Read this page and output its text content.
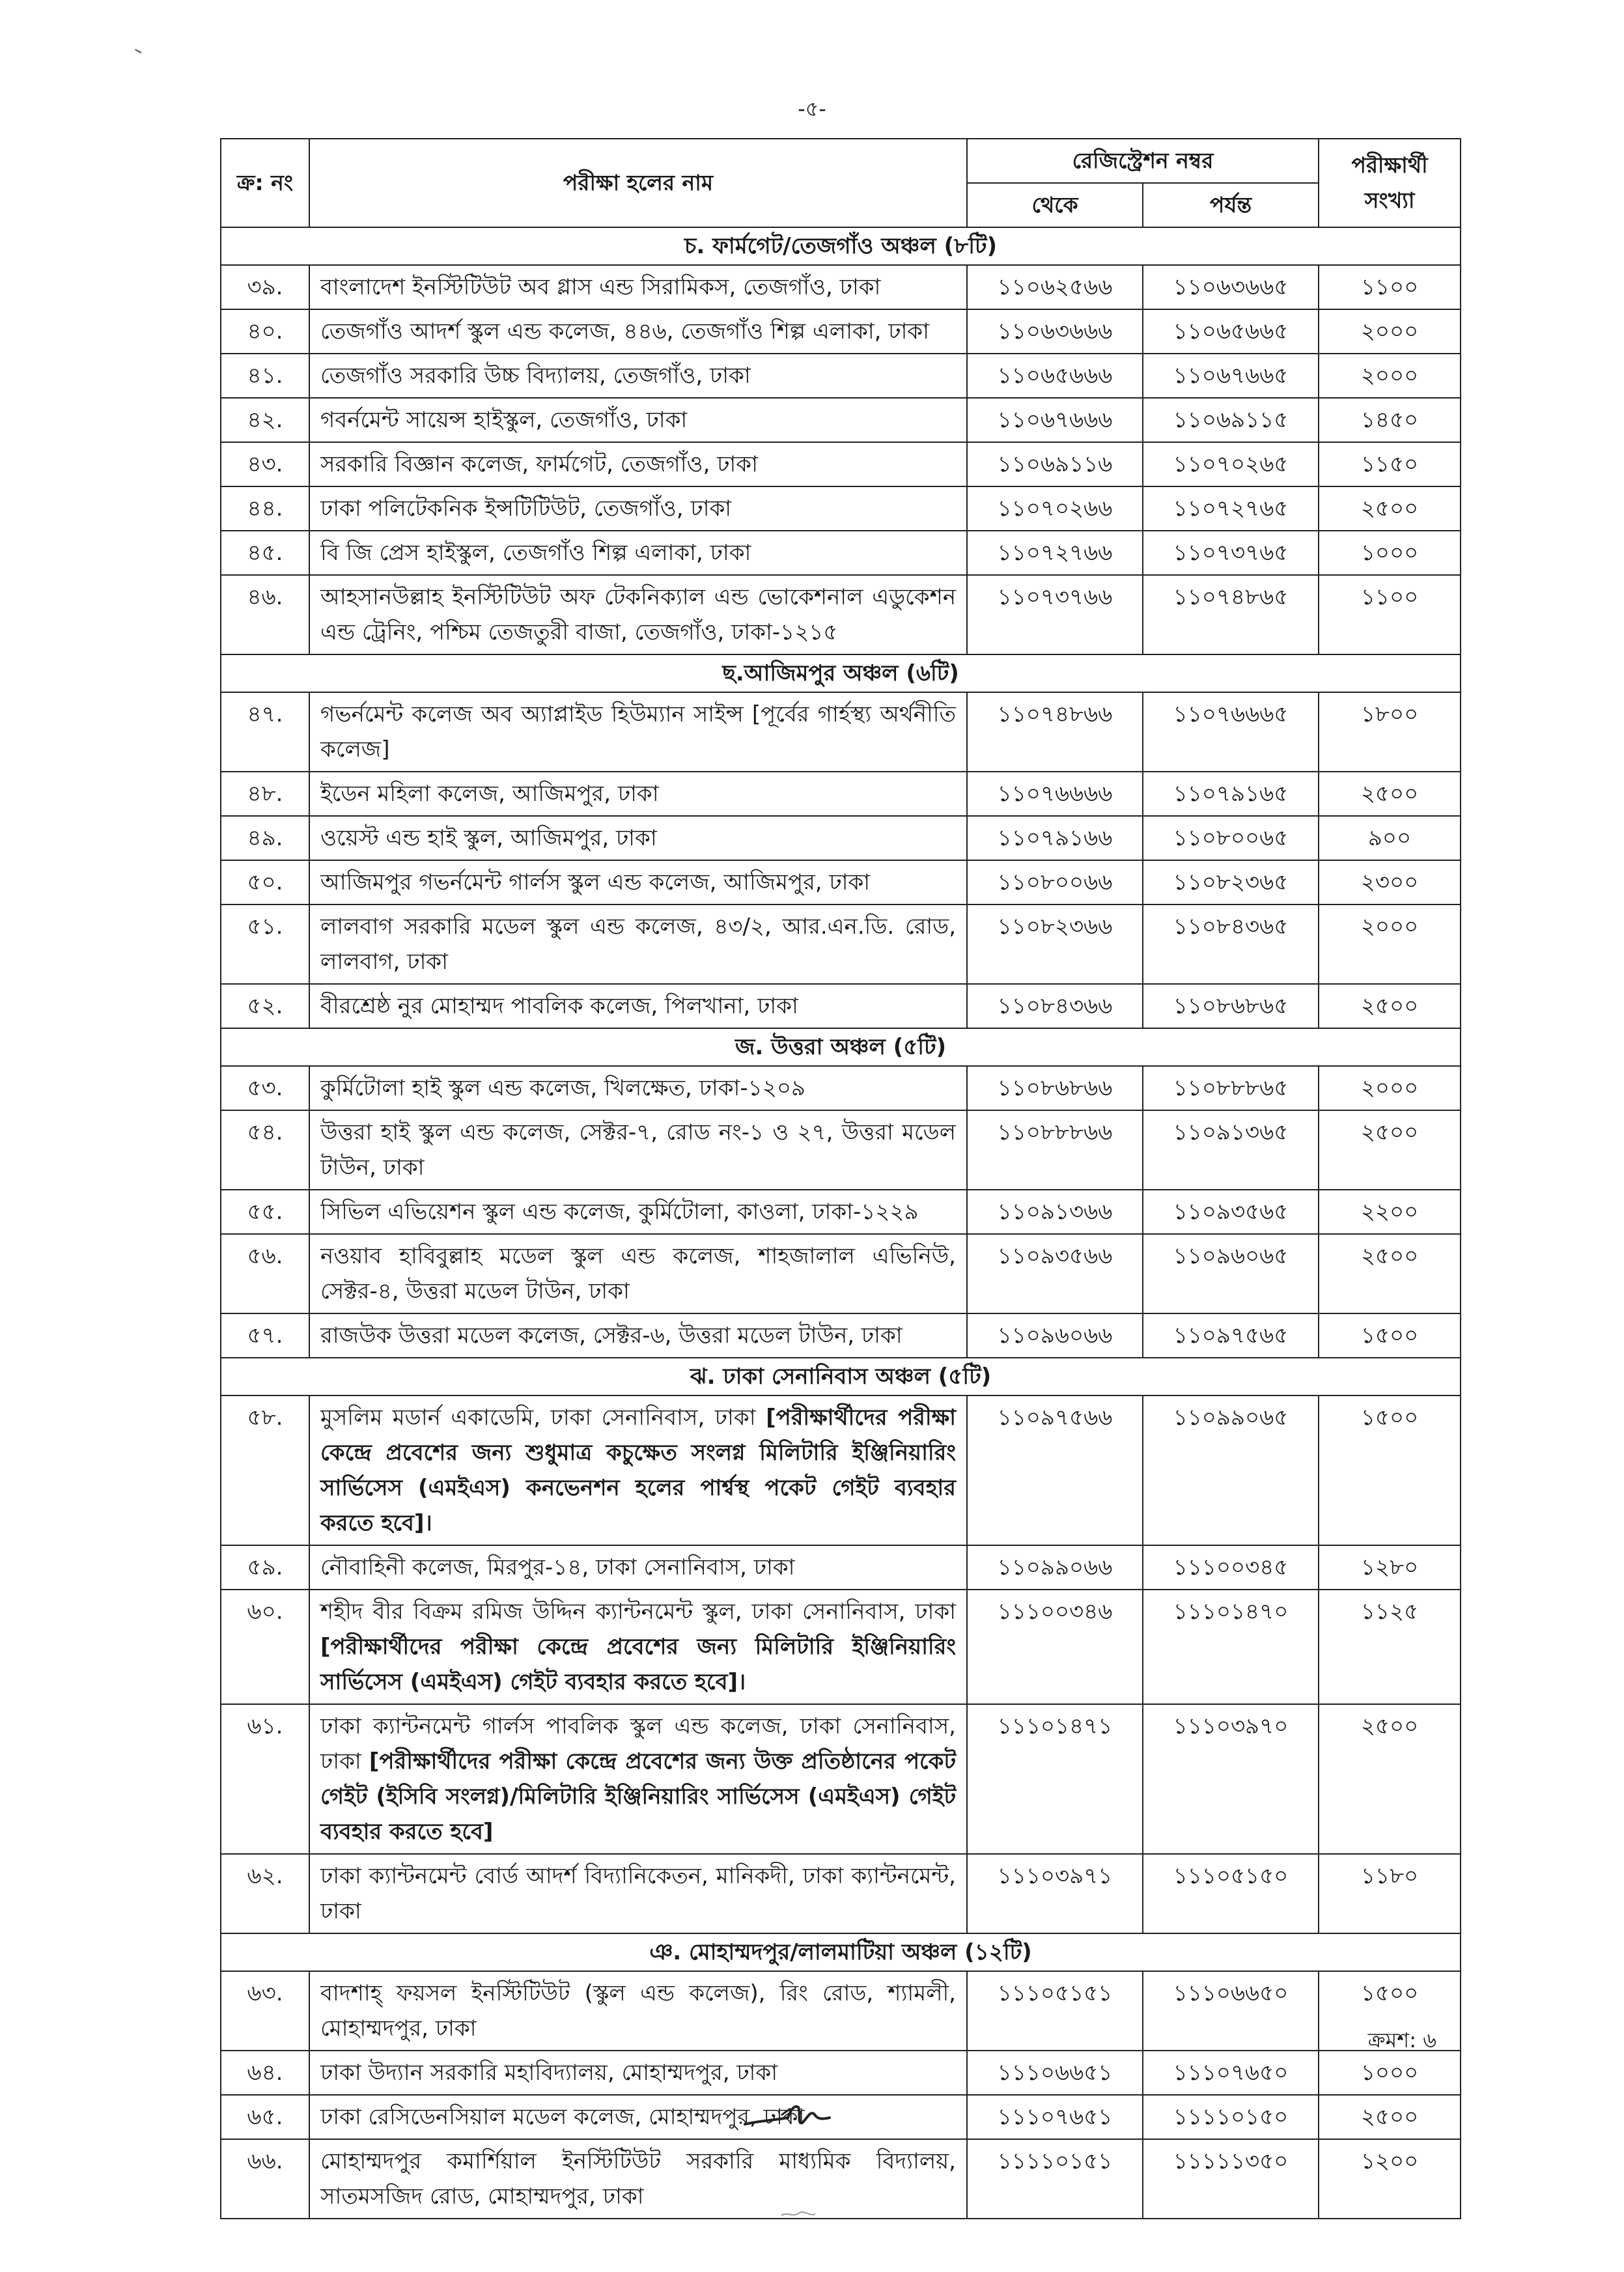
-৫-
ক্র: নং	পরীক্ষা হলের নাম	রেজিস্ট্রেশন নম্বর		পরীক্ষার্থী সংখ্যা
		থেকে	পর্যন্ত	
চ. ফার্মগেট/তেজগাঁও অঞ্চল (৮টি)				
৩৯.	বাংলাদেশ ইনস্টিটিউট অব গ্লাস এন্ড সিরামিকস, তেজগাঁও, ঢাকা	১১০৬২৫৬৬	১১০৬৩৬৬৫	১১০০
৪০.	তেজগাঁও আদর্শ স্কুল এন্ড কলেজ, ৪৪৬, তেজগাঁও শিল্প এলাকা, ঢাকা	১১০৬৩৬৬৬	১১০৬৫৬৬৫	২০০০
৪১.	তেজগাঁও সরকারি উচ্চ বিদ্যালয়, তেজগাঁও, ঢাকা	১১০৬৫৬৬৬	১১০৬৭৬৬৫	২০০০
৪২.	গবর্নমেন্ট সায়েন্স হাইস্কুল, তেজগাঁও, ঢাকা	১১০৬৭৬৬৬	১১০৬৯১১৫	১৪৫০
৪৩.	সরকারি বিজ্ঞান কলেজ, ফার্মগেট, তেজগাঁও, ঢাকা	১১০৬৯১১৬	১১০৭০২৬৫	১১৫০
৪৪.	ঢাকা পলিটেকনিক ইন্সটিটিউট, তেজগাঁও, ঢাকা	১১০৭০২৬৬	১১০৭২৭৬৫	২৫০০
৪৫.	বি জি প্রেস হাইস্কুল, তেজগাঁও শিল্প এলাকা, ঢাকা	১১০৭২৭৬৬	১১০৭৩৭৬৫	১০০০
৪৬.	আহসানউল্লাহ ইনস্টিটিউট অফ টেকনিক্যাল এন্ড ভোকেশনাল এডুকেশন এন্ড ট্রেনিং, পশ্চিম তেজতুরী বাজা, তেজগাঁও, ঢাকা-১২১৫	১১০৭৩৭৬৬	১১০৭৪৮৬৫	১১০০
ছ.আজিমপুর অঞ্চল (৬টি)				
৪৭.	গভর্নমেন্ট কলেজ অব অ্যাপ্লাইড হিউম্যান সাইন্স [পূর্বের গার্হস্থ্য অর্থনীতি কলেজ]	১১০৭৪৮৬৬	১১০৭৬৬৬৫	১৮০০
৪৮.	ইডেন মহিলা কলেজ, আজিমপুর, ঢাকা	১১০৭৬৬৬৬	১১০৭৯১৬৫	২৫০০
৪৯.	ওয়েস্ট এন্ড হাই স্কুল, আজিমপুর, ঢাকা	১১০৭৯১৬৬	১১০৮০০৬৫	৯০০
৫০.	আজিমপুর গভর্নমেন্ট গার্লস স্কুল এন্ড কলেজ, আজিমপুর, ঢাকা	১১০৮০০৬৬	১১০৮২৩৬৫	২৩০০
৫১.	লালবাগ সরকারি মডেল স্কুল এন্ড কলেজ, ৪৩/২, আর.এন.ডি. রোড, লালবাগ, ঢাকা	১১০৮২৩৬৬	১১০৮৪৩৬৫	২০০০
৫২.	বীরশ্রেষ্ঠ নুর মোহাম্মদ পাবলিক কলেজ, পিলখানা, ঢাকা	১১০৮৪৩৬৬	১১০৮৬৮৬৫	২৫০০
জ. উত্তরা অঞ্চল (৫টি)				
৫৩.	কুর্মিটোলা হাই স্কুল এন্ড কলেজ, খিলক্ষেত, ঢাকা-১২০৯	১১০৮৬৮৬৬	১১০৮৮৮৬৫	২০০০
৫৪.	উত্তরা হাই স্কুল এন্ড কলেজ, সেক্টর-৭, রোড নং-১ ও ২৭, উত্তরা মডেল টাউন, ঢাকা	১১০৮৮৮৬৬	১১০৯১৩৬৫	২৫০০
৫৫.	সিভিল এভিয়েশন স্কুল এন্ড কলেজ, কুর্মিটোলা, কাওলা, ঢাকা-১২২৯	১১০৯১৩৬৬	১১০৯৩৫৬৫	২২০০
৫৬.	নওয়াব হাবিবুল্লাহ মডেল স্কুল এন্ড কলেজ, শাহজালাল এভিনিউ, সেক্টর-৪, উত্তরা মডেল টাউন, ঢাকা	১১০৯৩৫৬৬	১১০৯৬০৬৫	২৫০০
৫৭.	রাজউক উত্তরা মডেল কলেজ, সেক্টর-৬, উত্তরা মডেল টাউন, ঢাকা	১১০৯৬০৬৬	১১০৯৭৫৬৫	১৫০০
ঝ. ঢাকা সেনানিবাস অঞ্চল (৫টি)				
৫৮.	মুসলিম মডার্ন একাডেমি, ঢাকা সেনানিবাস, ঢাকা [পরীক্ষার্থীদের পরীক্ষা কেন্দ্রে প্রবেশের জন্য শুধুমাত্র কচুক্ষেত সংলগ্ন মিলিটারি ইঞ্জিনিয়ারিং সার্ভিসেস (এমইএস) কনভেনশন হলের পার্শ্বস্থ পকেট গেইট ব্যবহার করতে হবে]।	১১০৯৭৫৬৬	১১০৯৯০৬৫	১৫০০
৫৯.	নৌবাহিনী কলেজ, মিরপুর-১৪, ঢাকা সেনানিবাস, ঢাকা	১১০৯৯০৬৬	১১১০০৩৪৫	১২৮০
৬০.	শহীদ বীর বিক্রম রমিজ উদ্দিন ক্যান্টনমেন্ট স্কুল, ঢাকা সেনানিবাস, ঢাকা [পরীক্ষার্থীদের পরীক্ষা কেন্দ্রে প্রবেশের জন্য মিলিটারি ইঞ্জিনিয়ারিং সার্ভিসেস (এমইএস) গেইট ব্যবহার করতে হবে]।	১১১০০৩৪৬	১১১০১৪৭০	১১২৫
৬১.	ঢাকা ক্যান্টনমেন্ট গার্লস পাবলিক স্কুল এন্ড কলেজ, ঢাকা সেনানিবাস, ঢাকা [পরীক্ষার্থীদের পরীক্ষা কেন্দ্রে প্রবেশের জন্য উক্ত প্রতিষ্ঠানের পকেট গেইট (ইসিবি সংলগ্ন)/মিলিটারি ইঞ্জিনিয়ারিং সার্ভিসেস (এমইএস) গেইট ব্যবহার করতে হবে]	১১১০১৪৭১	১১১০৩৯৭০	২৫০০
৬২.	ঢাকা ক্যান্টনমেন্ট বোর্ড আদর্শ বিদ্যানিকেতন, মানিকদী, ঢাকা ক্যান্টনমেন্ট, ঢাকা	১১১০৩৯৭১	১১১০৫১৫০	১১৮০
ঞ. মোহাম্মদপুর/লালমাটিয়া অঞ্চল (১২টি)				
৬৩.	বাদশাহ্ ফয়সল ইনস্টিটিউট (স্কুল এন্ড কলেজ), রিং রোড, শ্যামলী, মোহাম্মদপুর, ঢাকা	১১১০৫১৫১	১১১০৬৬৫০	১৫০০
৬৪.	ঢাকা উদ্যান সরকারি মহাবিদ্যালয়, মোহাম্মদপুর, ঢাকা	১১১০৬৬৫১	১১১০৭৬৫০	১০০০
৬৫.	ঢাকা রেসিডেনসিয়াল মডেল কলেজ, মোহাম্মদপুর, ঢাকা	১১১০৭৬৫১	১১১১০১৫০	২৫০০
৬৬.	মোহাম্মদপুর কমার্শিয়াল ইনস্টিটিউট সরকারি মাধ্যমিক বিদ্যালয়, সাতমসজিদ রোড, মোহাম্মদপুর, ঢাকা	১১১১০১৫১	১১১১১৩৫০	১২০০
ক্রমশ: ৬
